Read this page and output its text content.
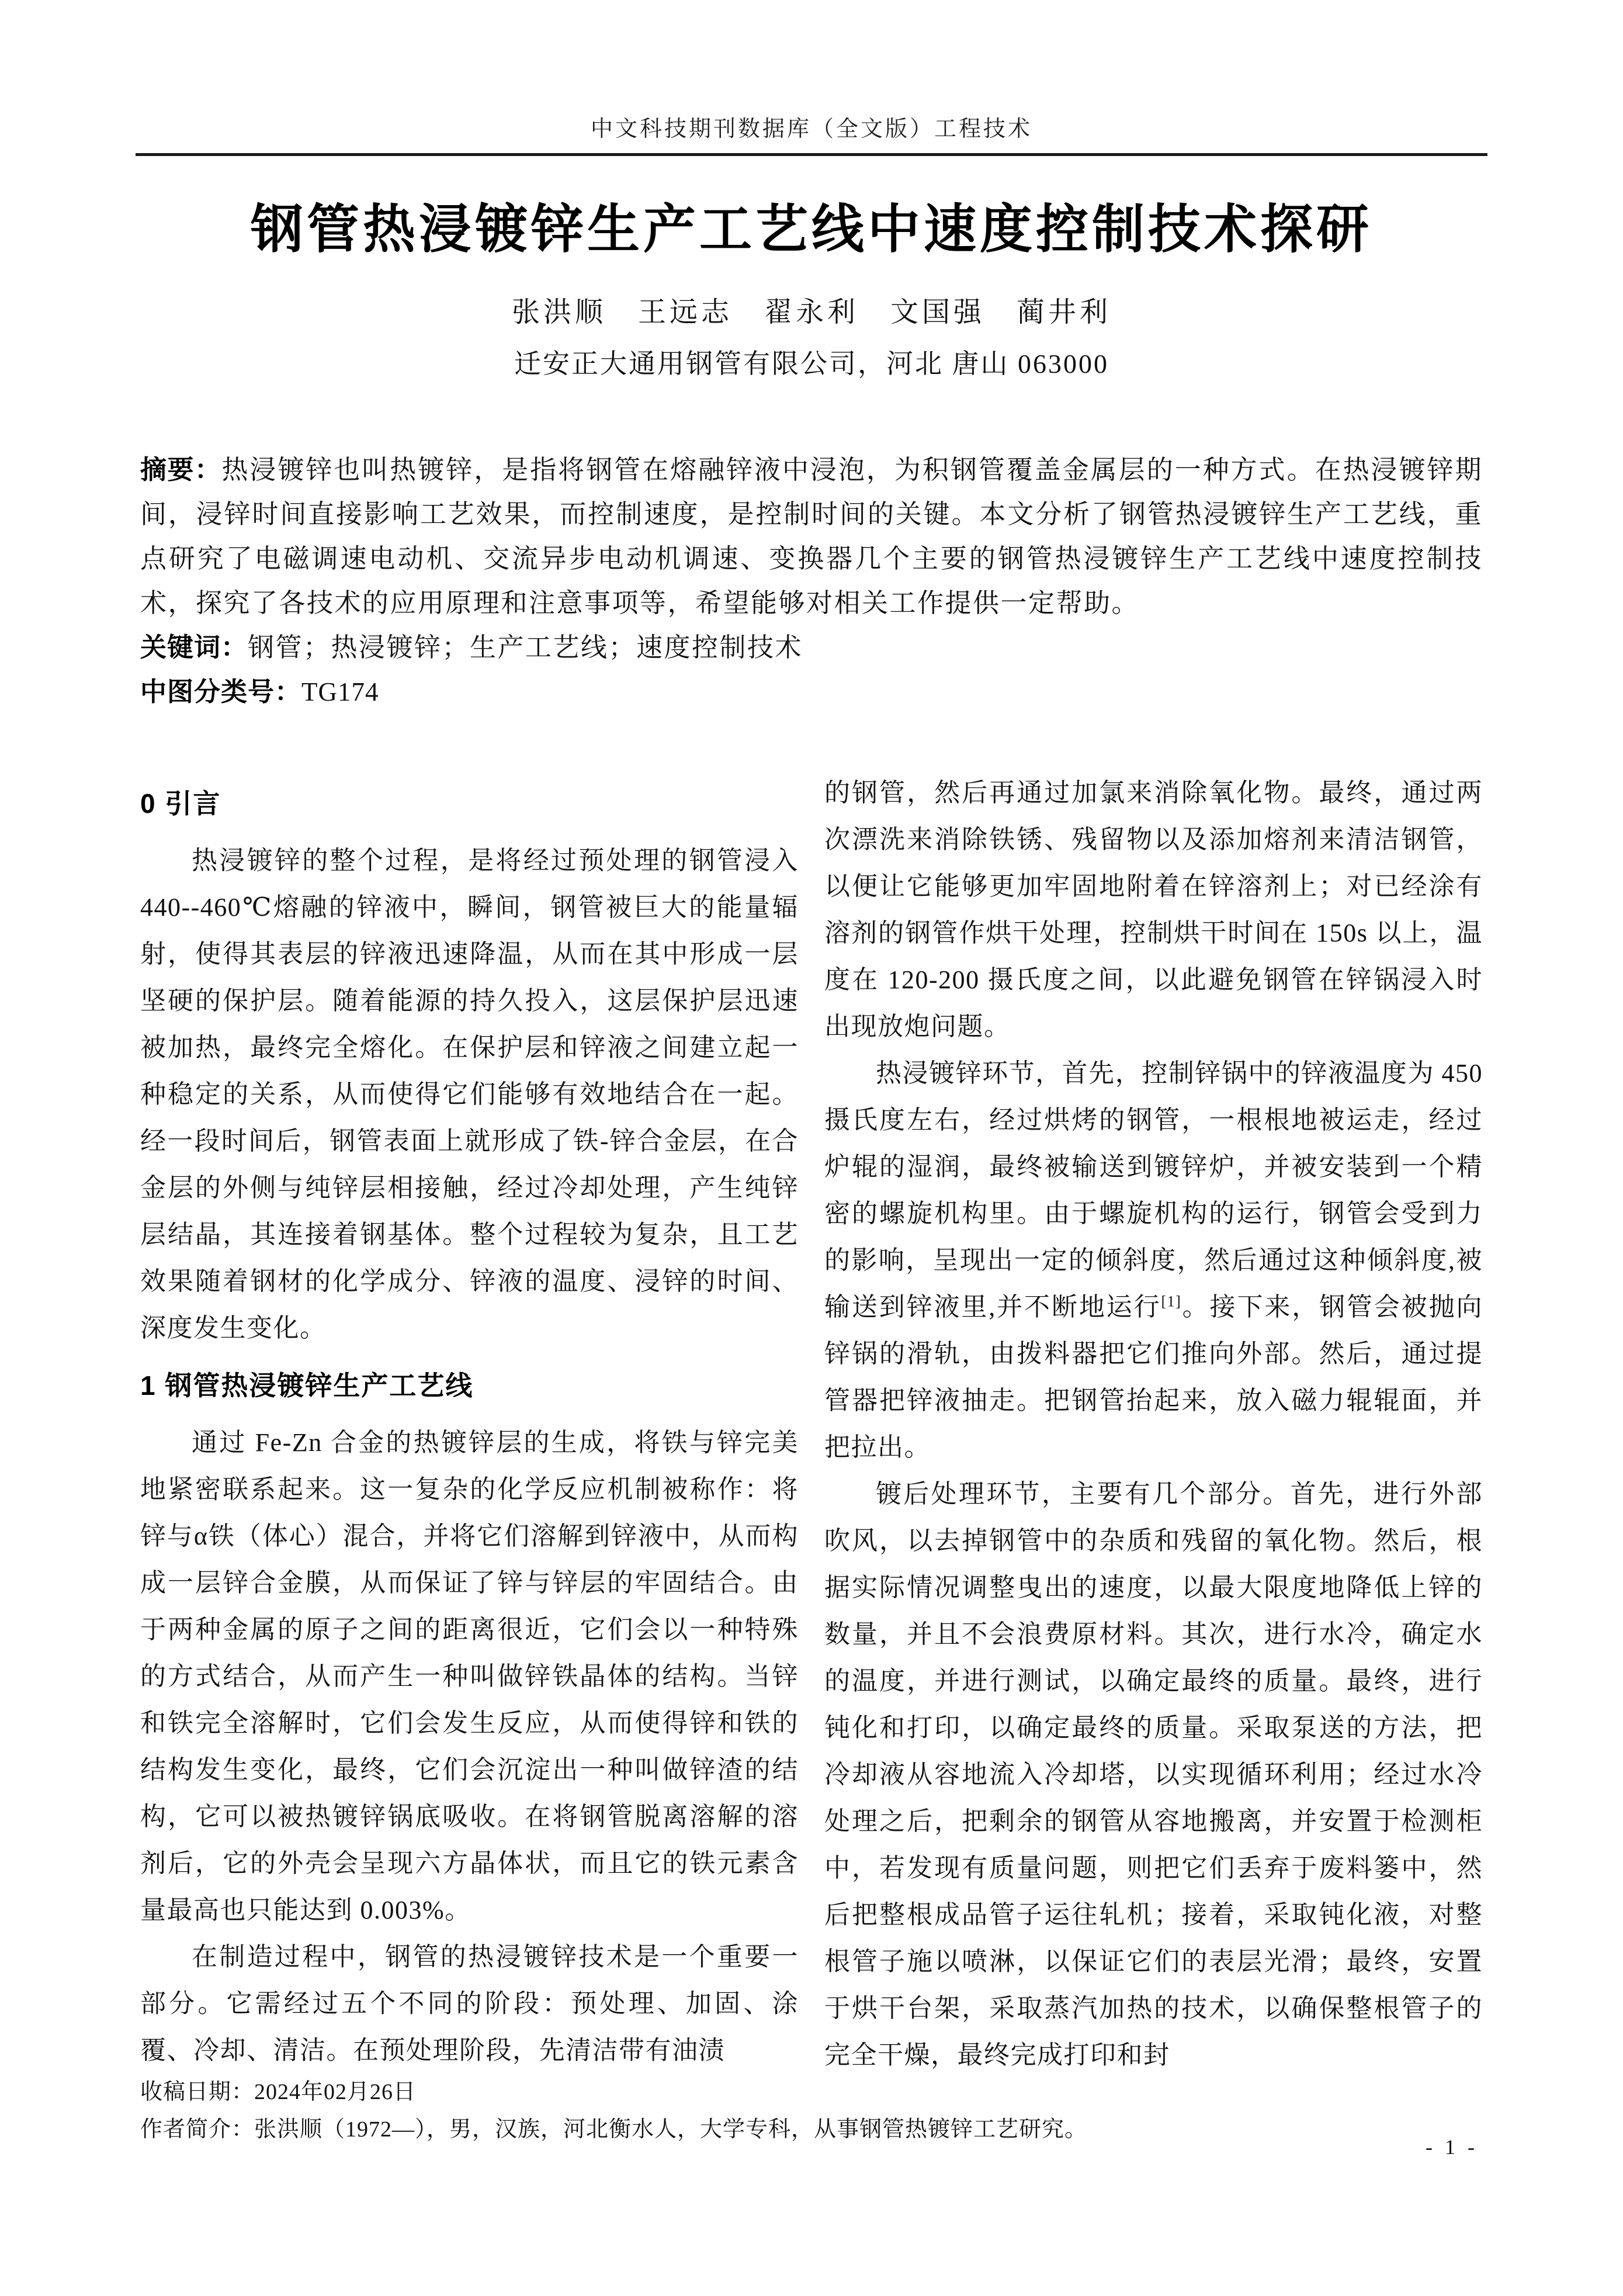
中文科技期刊数据库（全文版）工程技术
钢管热浸镀锌生产工艺线中速度控制技术探研
张洪顺　王远志　翟永利　文国强　蔺井利
迁安正大通用钢管有限公司，河北 唐山 063000
摘要：热浸镀锌也叫热镀锌，是指将钢管在熔融锌液中浸泡，为积钢管覆盖金属层的一种方式。在热浸镀锌期间，浸锌时间直接影响工艺效果，而控制速度，是控制时间的关键。本文分析了钢管热浸镀锌生产工艺线，重点研究了电磁调速电动机、交流异步电动机调速、变换器几个主要的钢管热浸镀锌生产工艺线中速度控制技术，探究了各技术的应用原理和注意事项等，希望能够对相关工作提供一定帮助。
关键词：钢管；热浸镀锌；生产工艺线；速度控制技术
中图分类号：TG174
0 引言

热浸镀锌的整个过程，是将经过预处理的钢管浸入 440--460℃熔融的锌液中，瞬间，钢管被巨大的能量辐射，使得其表层的锌液迅速降温，从而在其中形成一层坚硬的保护层。随着能源的持久投入，这层保护层迅速被加热，最终完全熔化。在保护层和锌液之间建立起一种稳定的关系，从而使得它们能够有效地结合在一起。经一段时间后，钢管表面上就形成了铁-锌合金层，在合金层的外侧与纯锌层相接触，经过冷却处理，产生纯锌层结晶，其连接着钢基体。整个过程较为复杂，且工艺效果随着钢材的化学成分、锌液的温度、浸锌的时间、深度发生变化。

1 钢管热浸镀锌生产工艺线

通过 Fe-Zn 合金的热镀锌层的生成，将铁与锌完美地紧密联系起来。这一复杂的化学反应机制被称作：将锌与α铁（体心）混合，并将它们溶解到锌液中，从而构成一层锌合金膜，从而保证了锌与锌层的牢固结合。由于两种金属的原子之间的距离很近，它们会以一种特殊的方式结合，从而产生一种叫做锌铁晶体的结构。当锌和铁完全溶解时，它们会发生反应，从而使得锌和铁的结构发生变化，最终，它们会沉淀出一种叫做锌渣的结构，它可以被热镀锌锅底吸收。在将钢管脱离溶解的溶剂后，它的外壳会呈现六方晶体状，而且它的铁元素含量最高也只能达到 0.003%。

在制造过程中，钢管的热浸镀锌技术是一个重要一部分。它需经过五个不同的阶段：预处理、加固、涂覆、冷却、清洁。在预处理阶段，先清洁带有油渍

的钢管，然后再通过加氯来消除氧化物。最终，通过两次漂洗来消除铁锈、残留物以及添加熔剂来清洁钢管，以便让它能够更加牢固地附着在锌溶剂上；对已经涂有溶剂的钢管作烘干处理，控制烘干时间在 150s 以上，温度在 120-200 摄氏度之间，以此避免钢管在锌锅浸入时出现放炮问题。

热浸镀锌环节，首先，控制锌锅中的锌液温度为 450 摄氏度左右，经过烘烤的钢管，一根根地被运走，经过炉辊的湿润，最终被输送到镀锌炉，并被安装到一个精密的螺旋机构里。由于螺旋机构的运行，钢管会受到力的影响，呈现出一定的倾斜度，然后通过这种倾斜度,被输送到锌液里,并不断地运行[1]。接下来，钢管会被抛向锌锅的滑轨，由拨料器把它们推向外部。然后，通过提管器把锌液抽走。把钢管抬起来，放入磁力辊辊面，并把拉出。

镀后处理环节，主要有几个部分。首先，进行外部吹风，以去掉钢管中的杂质和残留的氧化物。然后，根据实际情况调整曳出的速度，以最大限度地降低上锌的数量，并且不会浪费原材料。其次，进行水冷，确定水的温度，并进行测试，以确定最终的质量。最终，进行钝化和打印，以确定最终的质量。采取泵送的方法，把冷却液从容地流入冷却塔，以实现循环利用；经过水冷处理之后，把剩余的钢管从容地搬离，并安置于检测柜中，若发现有质量问题，则把它们丢弃于废料篓中，然后把整根成品管子运往轧机；接着，采取钝化液，对整根管子施以喷淋，以保证它们的表层光滑；最终，安置于烘干台架，采取蒸汽加热的技术，以确保整根管子的完全干燥，最终完成打印和封

收稿日期：2024年02月26日
作者简介：张洪顺（1972—），男，汉族，河北衡水人，大学专科，从事钢管热镀锌工艺研究。
- 1 -
